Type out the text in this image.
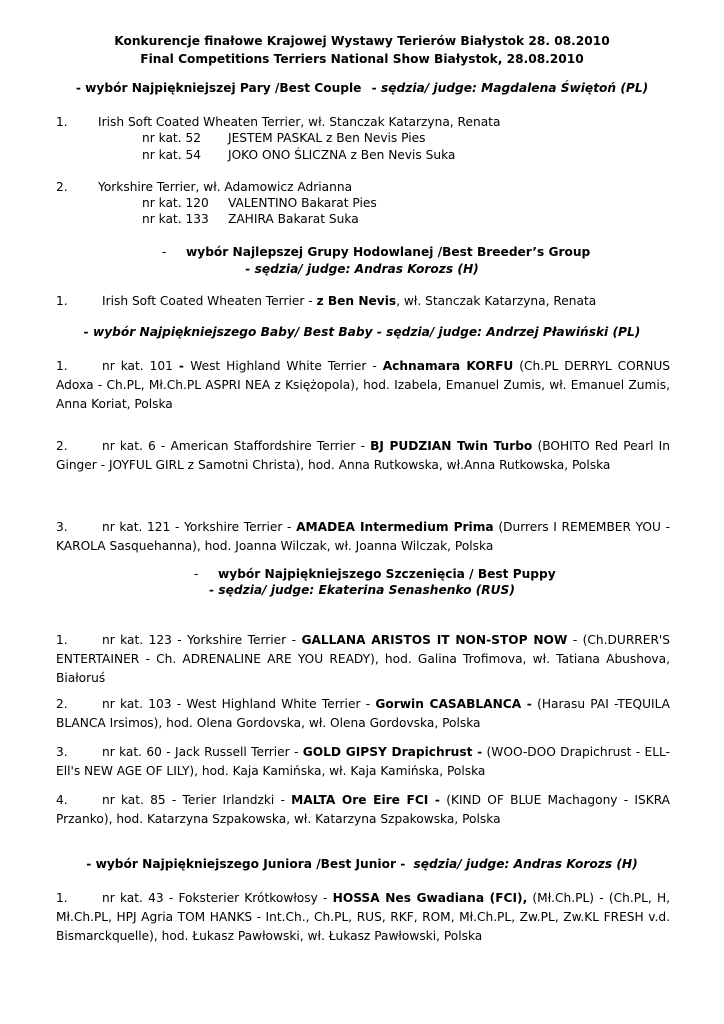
Konkurencje finałowe Krajowej Wystawy Terierów Białystok 28. 08.2010
Final Competitions Terriers National Show Białystok, 28.08.2010
- wybór Najpiękniejszej Pary /Best Couple - sędzia/ judge: Magdalena Świętoń (PL)
1. Irish Soft Coated Wheaten Terrier, wł. Stanczak Katarzyna, Renata
nr kat. 52 JESTEM PASKAL z Ben Nevis Pies
nr kat. 54 JOKO ONO ŚLICZNA z Ben Nevis Suka
2. Yorkshire Terrier, wł. Adamowicz Adrianna
nr kat. 120 VALENTINO Bakarat Pies
nr kat. 133 ZAHIRA Bakarat Suka
- wybór Najlepszej Grupy Hodowlanej /Best Breeder’s Group
- sędzia/ judge: Andras Korozs (H)
1.	Irish Soft Coated Wheaten Terrier - z Ben Nevis, wł. Stanczak Katarzyna, Renata
- wybór Najpiękniejszego Baby/ Best Baby - sędzia/ judge: Andrzej Pławiński (PL)
1.	nr kat. 101 - West Highland White Terrier - Achnamara KORFU (Ch.PL DERRYL CORNUS Adoxa - Ch.PL, Mł.Ch.PL ASPRI NEA z Księżopola), hod. Izabela, Emanuel Zumis, wł. Emanuel Zumis, Anna Koriat, Polska
2.	nr kat. 6 - American Staffordshire Terrier - BJ PUDZIAN Twin Turbo (BOHITO Red Pearl In Ginger - JOYFUL GIRL z Samotni Christa), hod. Anna Rutkowska, wł.Anna Rutkowska, Polska
3.	nr kat. 121 - Yorkshire Terrier - AMADEA Intermedium Prima (Durrers I REMEMBER YOU - KAROLA Sasquehanna), hod. Joanna Wilczak, wł. Joanna Wilczak, Polska
- wybór Najpiękniejszego Szczenięcia / Best Puppy
- sędzia/ judge: Ekaterina Senashenko (RUS)
1.	nr kat. 123 - Yorkshire Terrier - GALLANA ARISTOS IT NON-STOP NOW - (Ch.DURRER'S ENTERTAINER - Ch. ADRENALINE ARE YOU READY), hod. Galina Trofimova, wł. Tatiana Abushova, Białoruś
2.	nr kat. 103 - West Highland White Terrier - Gorwin CASABLANCA - (Harasu PAI -TEQUILA BLANCA Irsimos), hod. Olena Gordovska, wł. Olena Gordovska, Polska
3.	nr kat. 60 - Jack Russell Terrier - GOLD GIPSY Drapichrust - (WOO-DOO Drapichrust - ELL-Ell's NEW AGE OF LILY), hod. Kaja Kamińska, wł. Kaja Kamińska, Polska
4.	nr kat. 85 - Terier Irlandzki - MALTA Ore Eire FCI - (KIND OF BLUE Machagony - ISKRA Przanko), hod. Katarzyna Szpakowska, wł. Katarzyna Szpakowska, Polska
- wybór Najpiękniejszego Juniora /Best Junior - sędzia/ judge: Andras Korozs (H)
1.	nr kat. 43 - Foksterier Krótkowłosy - HOSSA Nes Gwadiana (FCI), (Mł.Ch.PL) - (Ch.PL, H, Mł.Ch.PL, HPJ Agria TOM HANKS - Int.Ch., Ch.PL, RUS, RKF, ROM, Mł.Ch.PL, Zw.PL, Zw.KL FRESH v.d. Bismarckquelle), hod. Łukasz Pawłowski, wł. Łukasz Pawłowski, Polska
